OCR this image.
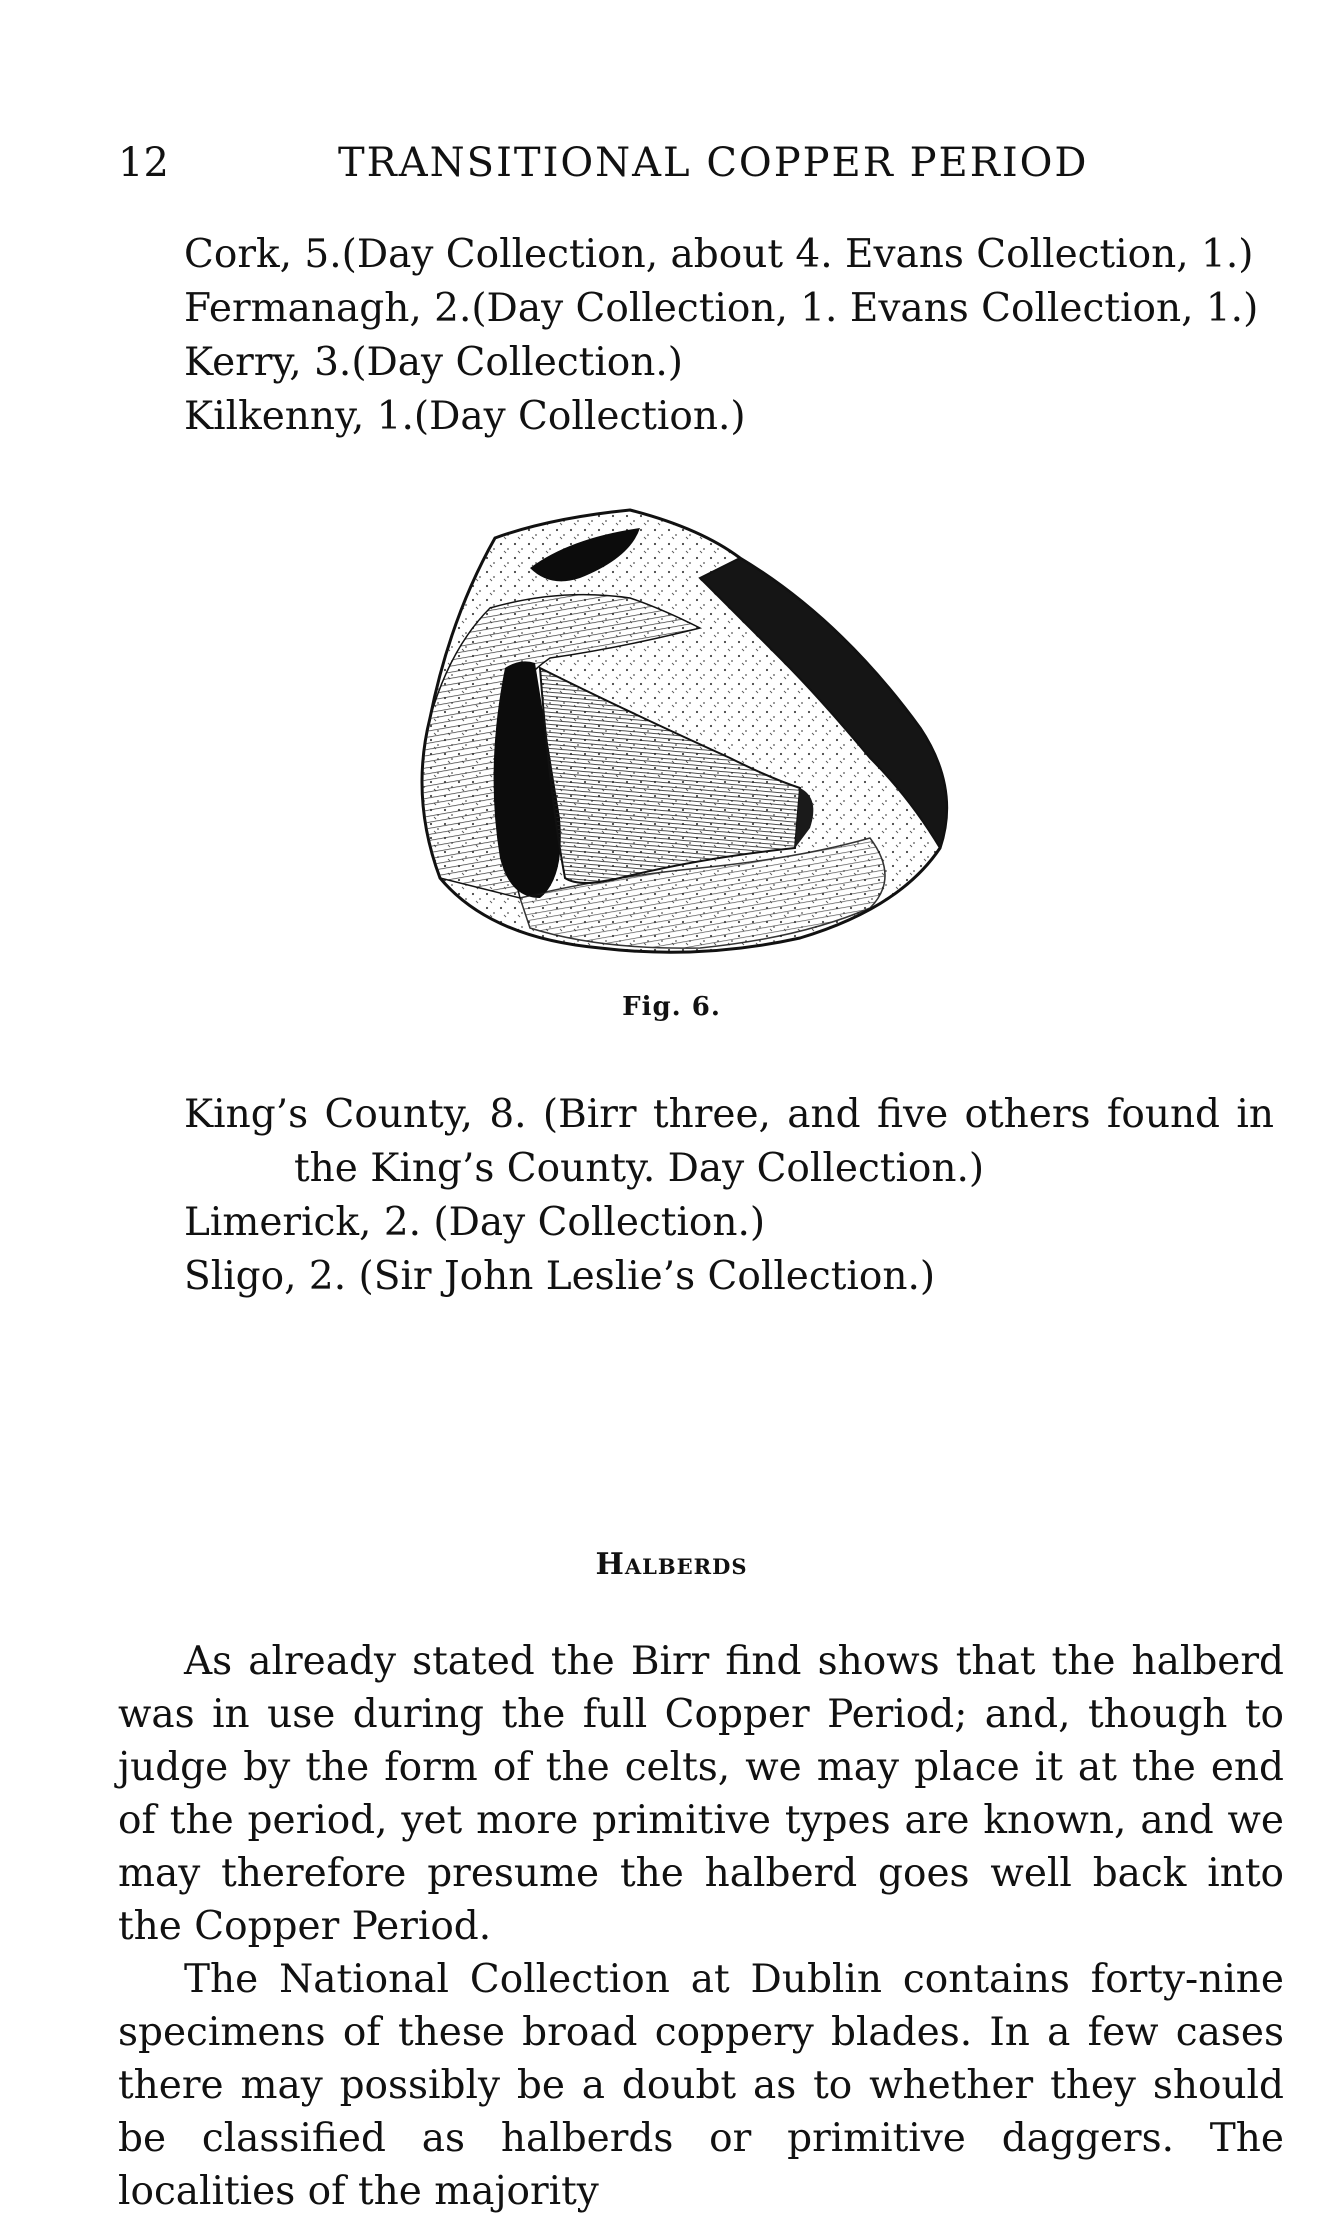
12	TRANSITIONAL COPPER PERIOD
Cork, 5.(Day Collection, about 4. Evans Collection, 1.)
Fermanagh, 2.(Day Collection, 1. Evans Collection, 1.)
Kerry, 3.(Day Collection.)
Kilkenny, 1.(Day Collection.)
Fig. 6.
King’s County, 8. (Birr three, and five others found in
the King’s County. Day Collection.)
Limerick, 2. (Day Collection.)
Sligo, 2. (Sir John Leslie’s Collection.)
Halberds

As already stated the Birr find shows that the halberd was in use during the full Copper Period; and, though to judge by the form of the celts, we may place it at the end of the period, yet more primitive types are known, and we may therefore presume the halberd goes well back into the Copper Period.

The National Collection at Dublin contains forty-nine specimens of these broad coppery blades. In a few cases there may possibly be a doubt as to whether they should be classified as halberds or primitive daggers. The localities of the majority
